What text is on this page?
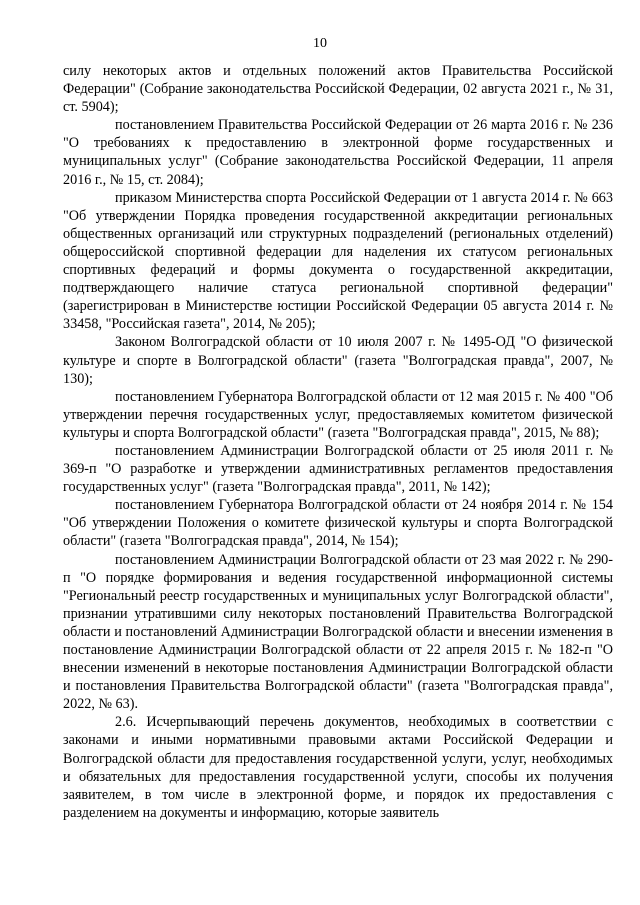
10

силу некоторых актов и отдельных положений актов Правительства Российской Федерации" (Собрание законодательства Российской Федерации, 02 августа 2021 г., № 31, ст. 5904);

постановлением Правительства Российской Федерации от 26 марта 2016 г. № 236 "О требованиях к предоставлению в электронной форме государственных и муниципальных услуг" (Собрание законодательства Российской Федерации, 11 апреля 2016 г., № 15, ст. 2084);

приказом Министерства спорта Российской Федерации от 1 августа 2014 г. № 663 "Об утверждении Порядка проведения государственной аккредитации региональных общественных организаций или структурных подразделений (региональных отделений) общероссийской спортивной федерации для наделения их статусом региональных спортивных федераций и формы документа о государственной аккредитации, подтверждающего наличие статуса региональной спортивной федерации" (зарегистрирован в Министерстве юстиции Российской Федерации 05 августа 2014 г. № 33458, "Российская газета", 2014, № 205);

Законом Волгоградской области от 10 июля 2007 г. № 1495-ОД "О физической культуре и спорте в Волгоградской области" (газета "Волгоградская правда", 2007, № 130);

постановлением Губернатора Волгоградской области от 12 мая 2015 г. № 400 "Об утверждении перечня государственных услуг, предоставляемых комитетом физической культуры и спорта Волгоградской области" (газета "Волгоградская правда", 2015, № 88);

постановлением Администрации Волгоградской области от 25 июля 2011 г. № 369-п "О разработке и утверждении административных регламентов предоставления государственных услуг" (газета "Волгоградская правда", 2011, № 142);

постановлением Губернатора Волгоградской области от 24 ноября 2014 г. № 154 "Об утверждении Положения о комитете физической культуры и спорта Волгоградской области" (газета "Волгоградская правда", 2014, № 154);

постановлением Администрации Волгоградской области от 23 мая 2022 г. № 290-п "О порядке формирования и ведения государственной информационной системы "Региональный реестр государственных и муниципальных услуг Волгоградской области", признании утратившими силу некоторых постановлений Правительства Волгоградской области и постановлений Администрации Волгоградской области и внесении изменения в постановление Администрации Волгоградской области от 22 апреля 2015 г. № 182-п "О внесении изменений в некоторые постановления Администрации Волгоградской области и постановления Правительства Волгоградской области" (газета "Волгоградская правда", 2022, № 63).

2.6. Исчерпывающий перечень документов, необходимых в соответствии с законами и иными нормативными правовыми актами Российской Федерации и Волгоградской области для предоставления государственной услуги, услуг, необходимых и обязательных для предоставления государственной услуги, способы их получения заявителем, в том числе в электронной форме, и порядок их предоставления с разделением на документы и информацию, которые заявитель
